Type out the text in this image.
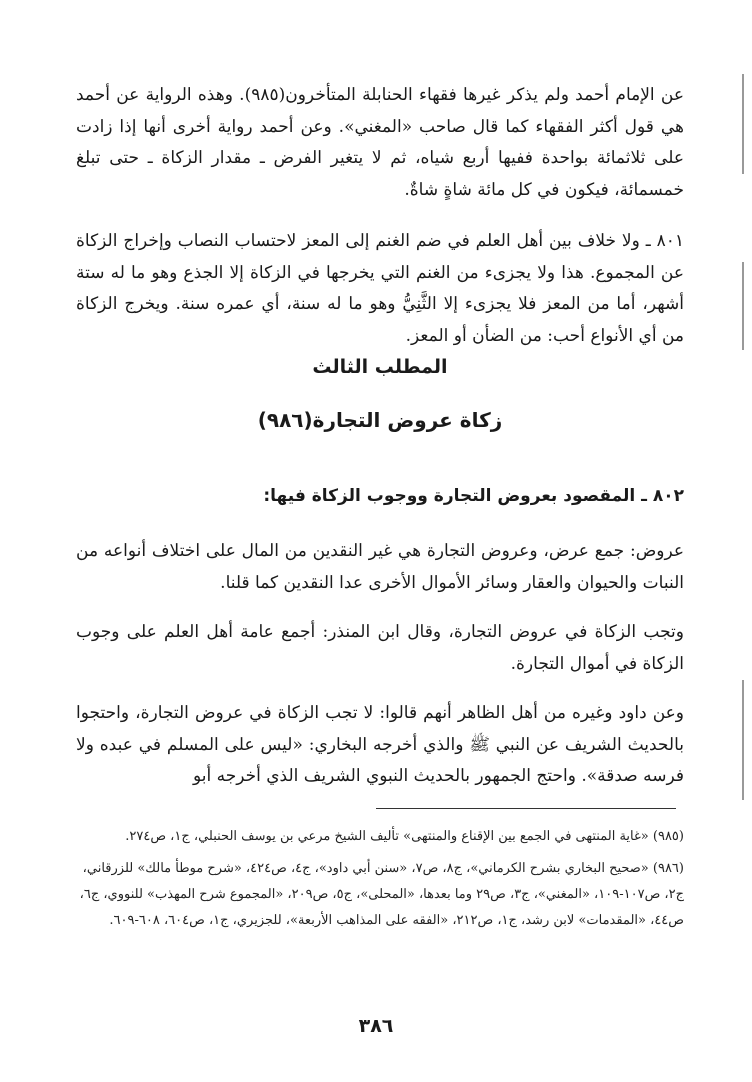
عن الإمام أحمد ولم يذكر غيرها فقهاء الحنابلة المتأخرون(٩٨٥). وهذه الرواية عن أحمد هي قول أكثر الفقهاء كما قال صاحب «المغني». وعن أحمد رواية أخرى أنها إذا زادت على ثلاثمائة بواحدة ففيها أربع شياه، ثم لا يتغير الفرض ـ مقدار الزكاة ـ حتى تبلغ خمسمائة، فيكون في كل مائة شاةٍ شاةٌ.

٨٠١ ـ ولا خلاف بين أهل العلم في ضم الغنم إلى المعز لاحتساب النصاب وإخراج الزكاة عن المجموع. هذا ولا يجزىء من الغنم التي يخرجها في الزكاة إلا الجذع وهو ما له ستة أشهر، أما من المعز فلا يجزىء إلا الثَّنِيُّ وهو ما له سنة، أي عمره سنة. ويخرج الزكاة من أي الأنواع أحب: من الضأن أو المعز.

المطلب الثالث
زكاة عروض التجارة(٩٨٦)
٨٠٢ ـ المقصود بعروض التجارة ووجوب الزكاة فيها:

عروض: جمع عرض، وعروض التجارة هي غير النقدين من المال على اختلاف أنواعه من النبات والحيوان والعقار وسائر الأموال الأخرى عدا النقدين كما قلنا.

وتجب الزكاة في عروض التجارة، وقال ابن المنذر: أجمع عامة أهل العلم على وجوب الزكاة في أموال التجارة.

وعن داود وغيره من أهل الظاهر أنهم قالوا: لا تجب الزكاة في عروض التجارة، واحتجوا بالحديث الشريف عن النبي ﷺ والذي أخرجه البخاري: «ليس على المسلم في عبده ولا فرسه صدقة». واحتج الجمهور بالحديث النبوي الشريف الذي أخرجه أبو

(٩٨٥) «غاية المنتهى في الجمع بين الإقناع والمنتهى» تأليف الشيخ مرعي بن يوسف الحنبلي، ج١، ص٢٧٤.

(٩٨٦) «صحيح البخاري بشرح الكرماني»، ج٨، ص٧، «سنن أبي داود»، ج٤، ص٤٢٤، «شرح موطأ مالك» للزرقاني، ج٢، ص١٠٧-١٠٩، «المغني»، ج٣، ص٢٩ وما بعدها، «المحلى»، ج٥، ص٢٠٩، «المجموع شرح المهذب» للنووي، ج٦، ص٤٤، «المقدمات» لابن رشد، ج١، ص٢١٢، «الفقه على المذاهب الأربعة»، للجزيري، ج١، ص٦٠٤، ٦٠٨-٦٠٩.

٣٨٦
